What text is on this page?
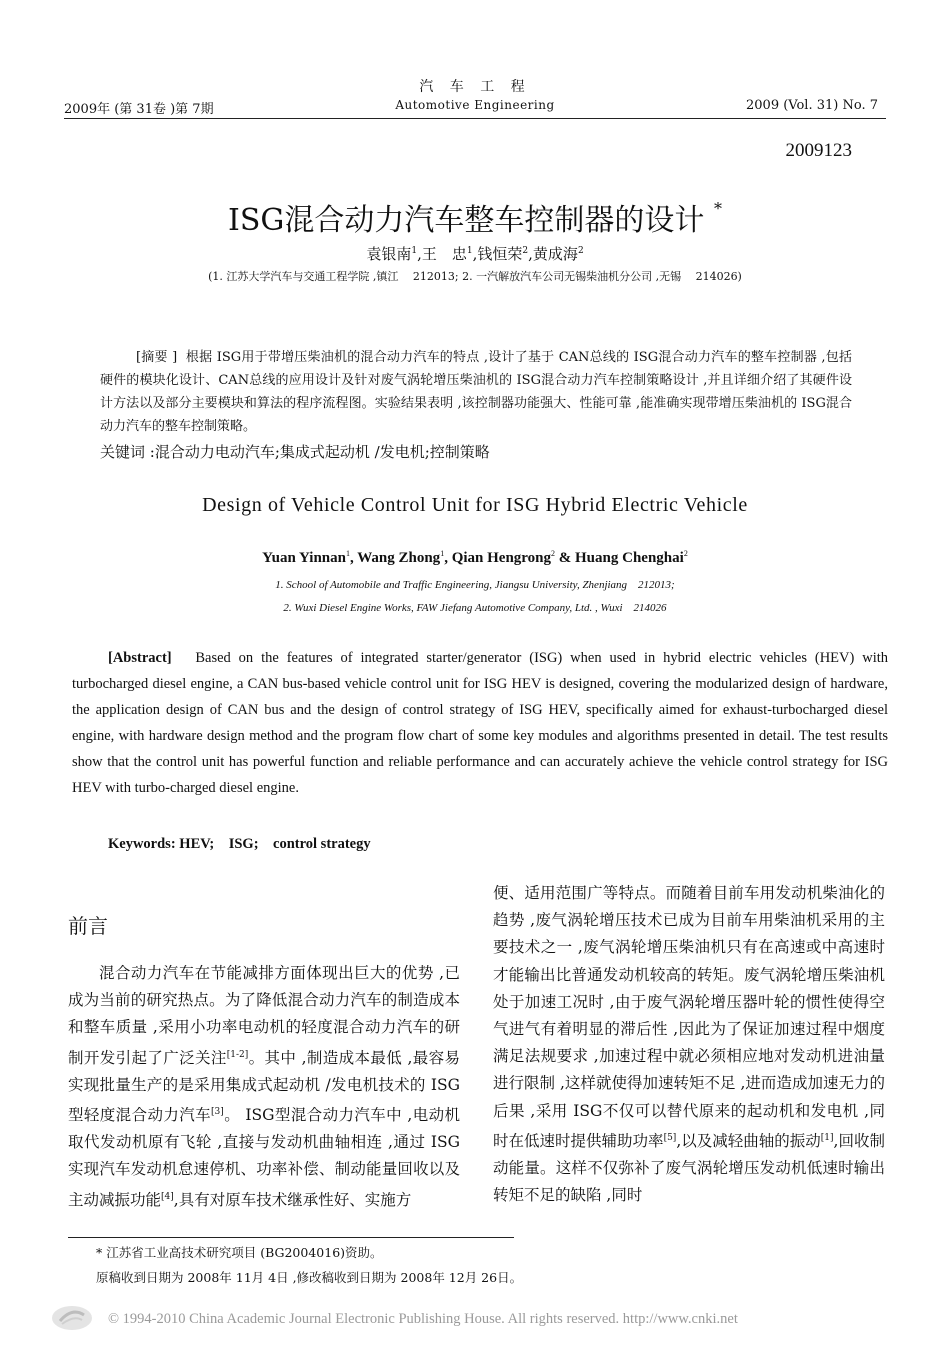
汽 车 工 程
2009年 (第 31卷 )第 7期	Automotive Engineering	2009 (Vol. 31) No. 7
2009123
ISG混合动力汽车整车控制器的设计 *
袁银南$^1$,王　忠$^1$,钱恒荣$^2$,黄成海$^2$
(1. 江苏大学汽车与交通工程学院 ,镇江　 212013; 2. 一汽解放汽车公司无锡柴油机分公司 ,无锡　 214026)
[摘要 ] 根据 ISG用于带增压柴油机的混合动力汽车的特点 ,设计了基于 CAN总线的 ISG混合动力汽车的整车控制器 ,包括硬件的模块化设计、CAN总线的应用设计及针对废气涡轮增压柴油机的 ISG混合动力汽车控制策略设计 ,并且详细介绍了其硬件设计方法以及部分主要模块和算法的程序流程图。实验结果表明 ,该控制器功能强大、性能可靠 ,能准确实现带增压柴油机的 ISG混合动力汽车的整车控制策略。
关键词 :混合动力电动汽车;集成式起动机 /发电机;控制策略
Design of Vehicle Control Unit for ISG Hybrid Electric Vehicle
Yuan Yinnan$^1$, Wang Zhong$^1$, Qian Hengrong$^2$ & Huang Chenghai$^2$
1. School of Automobile and Traffic Engineering, Jiangsu University, Zhenjiang　212013;
2. Wuxi Diesel Engine Works, FAW Jiefang Automotive Company, Ltd. , Wuxi　214026
[Abstract] Based on the features of integrated starter/generator (ISG) when used in hybrid electric vehicles (HEV) with turbocharged diesel engine, a CAN bus-based vehicle control unit for ISG HEV is designed, covering the modularized design of hardware, the application design of CAN bus and the design of control strategy of ISG HEV, specifically aimed for exhaust-turbocharged diesel engine, with hardware design method and the program flow chart of some key modules and algorithms presented in detail. The test results show that the control unit has powerful function and reliable performance and can accurately achieve the vehicle control strategy for ISG HEV with turbo-charged diesel engine.
Keywords: HEV;　ISG;　control strategy
前言

混合动力汽车在节能减排方面体现出巨大的优势 ,已成为当前的研究热点。为了降低混合动力汽车的制造成本和整车质量 ,采用小功率电动机的轻度混合动力汽车的研制开发引起了广泛关注[1-2]。其中 ,制造成本最低 ,最容易实现批量生产的是采用集成式起动机 /发电机技术的 ISG型轻度混合动力汽车[3]。 ISG型混合动力汽车中 ,电动机取代发动机原有飞轮 ,直接与发动机曲轴相连 ,通过 ISG实现汽车发动机怠速停机、功率补偿、制动能量回收以及主动减振功能[4],具有对原车技术继承性好、实施方

便、适用范围广等特点。而随着目前车用发动机柴油化的趋势 ,废气涡轮增压技术已成为目前车用柴油机采用的主要技术之一 ,废气涡轮增压柴油机只有在高速或中高速时才能输出比普通发动机较高的转矩。废气涡轮增压柴油机处于加速工况时 ,由于废气涡轮增压器叶轮的惯性使得空气进气有着明显的滞后性 ,因此为了保证加速过程中烟度满足法规要求 ,加速过程中就必须相应地对发动机进油量进行限制 ,这样就使得加速转矩不足 ,进而造成加速无力的后果 ,采用 ISG不仅可以替代原来的起动机和发电机 ,同时在低速时提供辅助功率[5],以及减轻曲轴的振动[1],回收制动能量。这样不仅弥补了废气涡轮增压发动机低速时输出转矩不足的缺陷 ,同时

* 江苏省工业高技术研究项目 (BG2004016)资助。
原稿收到日期为 2008年 11月 4日 ,修改稿收到日期为 2008年 12月 26日。
© 1994-2010 China Academic Journal Electronic Publishing House. All rights reserved. http://www.cnki.net
